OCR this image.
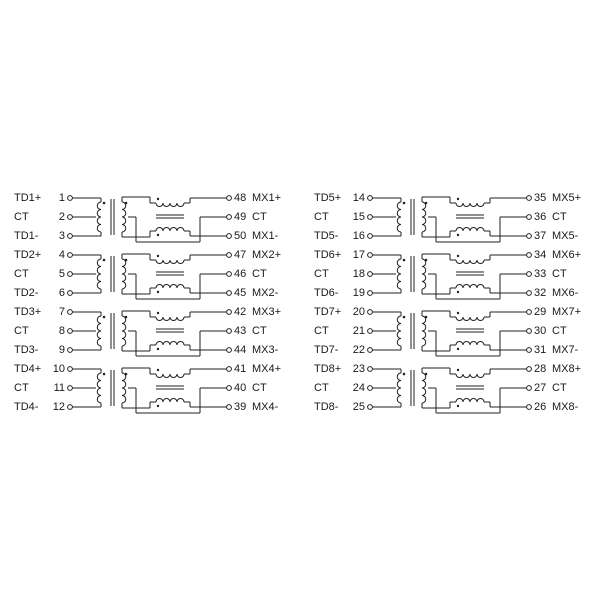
TD1+ 1
CT	2
TD1- 3
48 MX1+
49 CT
50 MX1-
TD2+ 4
CT	5
TD2- 6
47 MX2+
46 CT
45 MX2-
TD3+ 7
CT	8
TD3- 9
42 MX3+
43 CT
44 MX3-
TD4+ 10
CT 11
TD4- 12
41 MX4+
40 CT
39 MX4-
TD5+ 14
CT 15
TD5- 16
35 MX5+
36 CT
37 MX5-
TD6+ 17
CT 18
TD6- 19
34 MX6+
33 CT
32 MX6-
TD7+ 20
CT 21
TD7- 22
29 MX7+
30 CT
31 MX7-
TD8+ 23
CT 24
TD8- 25
28 MX8+
27 CT
26 MX8-
